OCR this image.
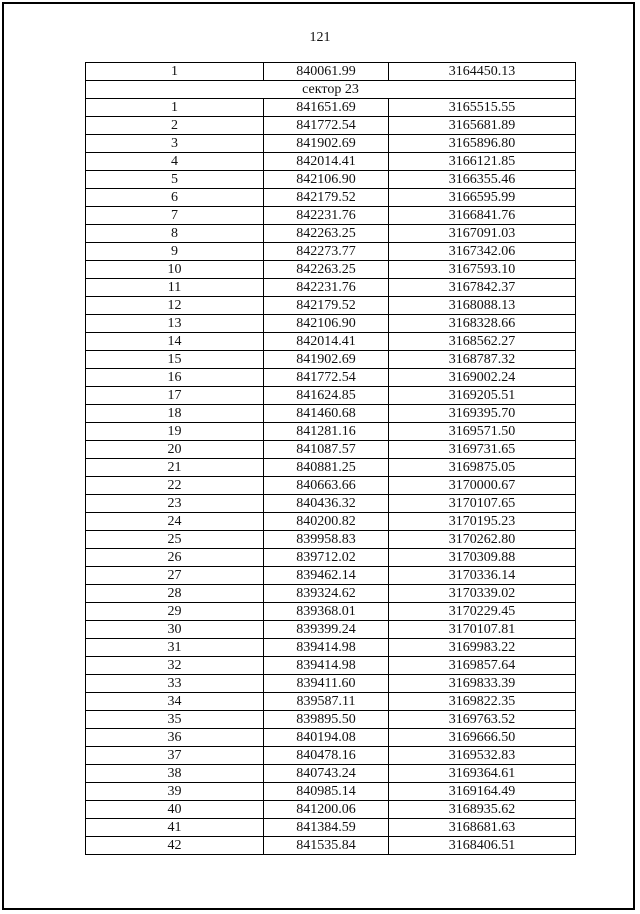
121
1	840061.99	3164450.13
сектор 23		
1	841651.69	3165515.55
2	841772.54	3165681.89
3	841902.69	3165896.80
4	842014.41	3166121.85
5	842106.90	3166355.46
6	842179.52	3166595.99
7	842231.76	3166841.76
8	842263.25	3167091.03
9	842273.77	3167342.06
10	842263.25	3167593.10
11	842231.76	3167842.37
12	842179.52	3168088.13
13	842106.90	3168328.66
14	842014.41	3168562.27
15	841902.69	3168787.32
16	841772.54	3169002.24
17	841624.85	3169205.51
18	841460.68	3169395.70
19	841281.16	3169571.50
20	841087.57	3169731.65
21	840881.25	3169875.05
22	840663.66	3170000.67
23	840436.32	3170107.65
24	840200.82	3170195.23
25	839958.83	3170262.80
26	839712.02	3170309.88
27	839462.14	3170336.14
28	839324.62	3170339.02
29	839368.01	3170229.45
30	839399.24	3170107.81
31	839414.98	3169983.22
32	839414.98	3169857.64
33	839411.60	3169833.39
34	839587.11	3169822.35
35	839895.50	3169763.52
36	840194.08	3169666.50
37	840478.16	3169532.83
38	840743.24	3169364.61
39	840985.14	3169164.49
40	841200.06	3168935.62
41	841384.59	3168681.63
42	841535.84	3168406.51
